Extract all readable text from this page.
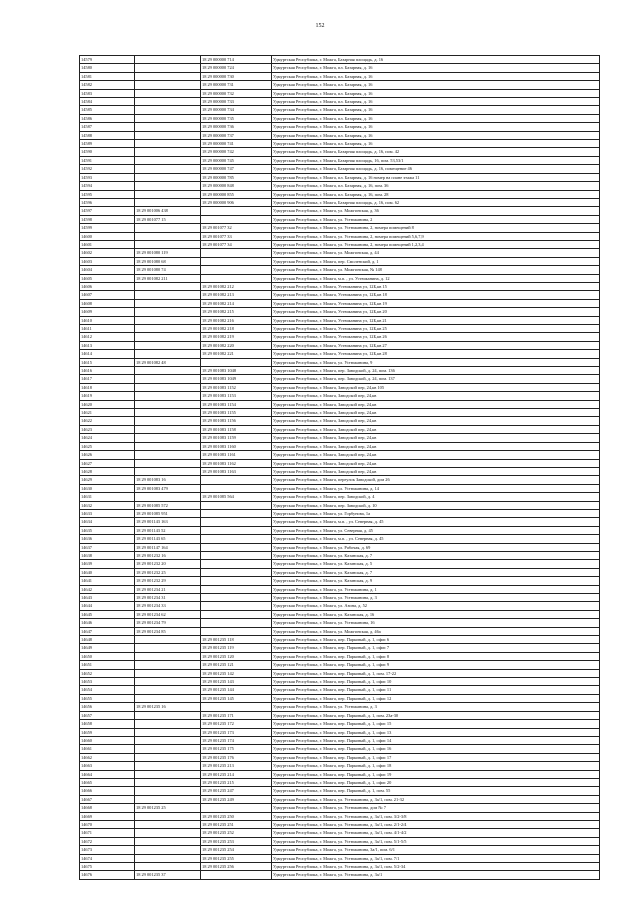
152
14579		18 29 000000 714	Удмуртская Республика, г. Можга, Базарная площадь, д. 16
14580		18 29 000000 724	Удмуртская Республика, г. Можга, пл. Базарная, д. 16
14581		18 29 000000 730	Удмуртская Республика, г. Можга, пл. Базарная, д. 16
14582		18 29 000000 731	Удмуртская Республика, г. Можга, пл. Базарная, д. 16
14583		18 29 000000 732	Удмуртская Республика, г. Можга, пл. Базарная, д. 16
14584		18 29 000000 733	Удмуртская Республика, г. Можга, пл. Базарная, д. 16
14585		18 29 000000 734	Удмуртская Республика, г. Можга, пл. Базарная, д. 16
14586		18 29 000000 735	Удмуртская Республика, г. Можга, пл. Базарная, д. 16
14587		18 29 000000 736	Удмуртская Республика, г. Можга, пл. Базарная, д. 16
14588		18 29 000000 737	Удмуртская Республика, г. Можга, пл. Базарная, д. 16
14589		18 29 000000 741	Удмуртская Республика, г. Можга, пл. Базарная, д. 16
14590		18 29 000000 742	Удмуртская Республика, г. Можга, Базарная площадь, д. 16, пом. 42
14591		18 29 000000 745	Удмуртская Республика, г. Можга, Базарная площадь, 16, пом. 53,53/1
14592		18 29 000000 747	Удмуртская Республика, г. Можга, Базарная площадь, д. 16, помещение 46
14593		18 29 000000 785	Удмуртская Республика, г. Можга, пл. Базарная, д. 16 номер на плане этажа 11
14594		18 29 000000 848	Удмуртская Республика, г. Можга, пл. Базарная, д. 16, пом. 36
14595		18 29 000000 855	Удмуртская Республика, г. Можга, пл. Базарная, д. 16, пом. 28
14596		18 29 000000 906	Удмуртская Республика, г. Можга, Базарная площадь, д. 16, пом. 62
14597	18 29 001006 438		Удмуртская Республика, г. Можга, ул. Можгинская, д. 36
14598	18 29 001077 15		Удмуртская Республика, г. Можга, ул. Устюжанина, 2
14599		18 29 001077 32	Удмуртская Республика, г. Можга, ул. Устюжанина, 2, номера помещений 8
14600		18 29 001077 33	Удмуртская Республика, г. Можга, ул. Устюжанина, 2, номера помещений 5,6,7,9
14601		18 29 001077 34	Удмуртская Республика, г. Можга, ул. Устюжанина, 2, номера помещений 1,2,3,4
14602	18 29 001080 119		Удмуртская Республика, г. Можга, ул. Можгинская, д. 44
14603	18 29 001080 68		Удмуртская Республика, г. Можга, пер. Смоленский, д. 1
14604	18 29 001080 74		Удмуртская Республика, г. Можга, ул. Можгинская, № 148
14605	18 29 001082 211		Удмуртская Республика, г. Можга, м.п. , ул. Устюжанина, д. 12
14606		18 29 001082 212	Удмуртская Республика, г. Можга, Устюжанина ул, 12Б,кв 15
14607		18 29 001082 213	Удмуртская Республика, г. Можга, Устюжанина ул, 12Б,кв 18
14608		18 29 001082 214	Удмуртская Республика, г. Можга, Устюжанина ул, 12Б,кв 19
14609		18 29 001082 215	Удмуртская Республика, г. Можга, Устюжанина ул, 12Б,кв 20
14610		18 29 001082 216	Удмуртская Республика, г. Можга, Устюжанина ул, 12Б,кв 21
14611		18 29 001082 218	Удмуртская Республика, г. Можга, Устюжанина ул, 12Б,кв 25
14612		18 29 001082 219	Удмуртская Республика, г. Можга, Устюжанина ул, 12Б,кв 26
14613		18 29 001082 220	Удмуртская Республика, г. Можга, Устюжанина ул, 12Б,кв 27
14614		18 29 001082 221	Удмуртская Республика, г. Можга, Устюжанина ул, 12Б,кв 28
14615	18 29 001082 48		Удмуртская Республика, г. Можга, ул. Устюжанина, 9
14616		18 29 001083 1048	Удмуртская Республика, г. Можга, пер. Заводской, д. 24, пом. 136
14617		18 29 001083 1049	Удмуртская Республика, г. Можга, пер. Заводской, д. 24, пом. 137
14618		18 29 001083 1152	Удмуртская Республика, г. Можга, Заводской пер, 24,кв 105
14619		18 29 001083 1153	Удмуртская Республика, г. Можга, Заводской пер, 24,кв
14620		18 29 001083 1154	Удмуртская Республика, г. Можга, Заводской пер, 24,кв
14621		18 29 001083 1155	Удмуртская Республика, г. Можга, Заводской пер, 24,кв
14622		18 29 001083 1156	Удмуртская Республика, г. Можга, Заводской пер, 24,кв
14623		18 29 001083 1158	Удмуртская Республика, г. Можга, Заводской пер, 24,кв
14624		18 29 001083 1159	Удмуртская Республика, г. Можга, Заводской пер, 24,кв
14625		18 29 001083 1160	Удмуртская Республика, г. Можга, Заводской пер, 24,кв
14626		18 29 001083 1161	Удмуртская Республика, г. Можга, Заводской пер, 24,кв
14627		18 29 001083 1162	Удмуртская Республика, г. Можга, Заводской пер, 24,кв
14628		18 29 001083 1163	Удмуртская Республика, г. Можга, Заводской пер, 24,кв
14629	18 29 001083 16		Удмуртская Республика, г. Можга, переулок Заводской, дом 26
14630	18 29 001083 479		Удмуртская Республика, г. Можга, ул. Устюжанина, д. 14
14631		18 29 001085 564	Удмуртская Республика, г. Можга, пер. Заводской, д. 4
14632	18 29 001085 572		Удмуртская Республика, г. Можга, пер. Заводской, д. 10
14633	18 29 001085 951		Удмуртская Республика, г. Можга, ул. Горбунова, 1а
14634	18 29 001143 163		Удмуртская Республика, г. Можга, м.п. , ул. Северная, д. 45
14635	18 29 001143 52		Удмуртская Республика, г. Можга, ул. Северная, д. 45
14636	18 29 001143 65		Удмуртская Республика, г. Можга, м.п. , ул. Северная, д. 45
14637	18 29 001147 164		Удмуртская Республика, г. Можга, ул. Рабочая, д. 69
14638	18 29 001232 16		Удмуртская Республика, г. Можга, ул. Казанская, д. 7
14639	18 29 001232 20		Удмуртская Республика, г. Можга, ул. Казанская, д. 5
14640	18 29 001232 25		Удмуртская Республика, г. Можга, ул. Казанская, д. 7
14641	18 29 001232 29		Удмуртская Республика, г. Можга, ул. Казанская, д. 9
14642	18 29 001234 21		Удмуртская Республика, г. Можга, ул. Устюжанина, д. 1
14643	18 29 001234 31		Удмуртская Республика, г. Можга, ул. Устюжанина, д. 3
14644	18 29 001234 33		Удмуртская Республика, г. Можга, ул. Азина, д. 52
14645	18 29 001234 62		Удмуртская Республика, г. Можга, ул. Казанская, д. 16
14646	18 29 001234 79		Удмуртская Республика, г. Можга, ул. Устюжанина, 16
14647	18 29 001234 85		Удмуртская Республика, г. Можга, ул. Можгинская, д. 46а
14648		18 29 001235 118	Удмуртская Республика, г. Можга, пер. Парковый, д. 1, офис 6
14649		18 29 001235 119	Удмуртская Республика, г. Можга, пер. Парковый, д. 1, офис 7
14650		18 29 001235 120	Удмуртская Республика, г. Можга, пер. Парковый, д. 1, офис 8
14651		18 29 001235 121	Удмуртская Республика, г. Можга, пер. Парковый, д. 1, офис 9
14652		18 29 001235 142	Удмуртская Республика, г. Можга, пер. Парковый, д. 1, пом. 17-22
14653		18 29 001235 143	Удмуртская Республика, г. Можга, пер. Парковый, д. 1, офис 10
14654		18 29 001235 144	Удмуртская Республика, г. Можга, пер. Парковый, д. 1, офис 11
14655		18 29 001235 145	Удмуртская Республика, г. Можга, пер. Парковый, д. 1, офис 12
14656	18 29 001235 16		Удмуртская Республика, г. Можга, ул. Устюжанина, д. 3
14657		18 29 001235 171	Удмуртская Республика, г. Можга, пер. Парковый, д. 1, пом. 23а-30
14658		18 29 001235 172	Удмуртская Республика, г. Можга, пер. Парковый, д. 1, офис 15
14659		18 29 001235 173	Удмуртская Республика, г. Можга, пер. Парковый, д. 1, офис 13
14660		18 29 001235 174	Удмуртская Республика, г. Можга, пер. Парковый, д. 1, офис 14
14661		18 29 001235 175	Удмуртская Республика, г. Можга, пер. Парковый, д. 1, офис 16
14662		18 29 001235 176	Удмуртская Республика, г. Можга, пер. Парковый, д. 1, офис 17
14663		18 29 001235 213	Удмуртская Республика, г. Можга, пер. Парковый, д. 1, офис 18
14664		18 29 001235 214	Удмуртская Республика, г. Можга, пер. Парковый, д. 1, офис 19
14665		18 29 001235 215	Удмуртская Республика, г. Можга, пер. Парковый, д. 1, офис 20
14666		18 29 001235 247	Удмуртская Республика, г. Можга, пер. Парковый, д. 1, пом. 55
14667		18 29 001235 249	Удмуртская Республика, г. Можга, ул. Устюжанина, д. 3а/1, пом. 21-32
14668	18 29 001235 25		Удмуртская Республика, г. Можга, ул. Устюжанина, дом № 7
14669		18 29 001235 250	Удмуртская Республика, г. Можга, ул. Устюжанина, д. 3а/1, пом. 3/2-3/8
14670		18 29 001235 251	Удмуртская Республика, г. Можга, ул. Устюжанина, д. 3а/1, пом. 2/1-2/4
14671		18 29 001235 252	Удмуртская Республика, г. Можга, ул. Устюжанина, д. 3а/1, пом. 4/1-4/2
14672		18 29 001235 253	Удмуртская Республика, г. Можга, ул. Устюжанина, д. 3а/1, пом. 5/1-5/5
14673		18 29 001235 254	Удмуртская Республика, г. Можга, ул. Устюжанина, 3а/1, пом. 6/1
14674		18 29 001235 255	Удмуртская Республика, г. Можга, ул. Устюжанина, д. 3а/1, пом. 7/1
14675		18 29 001235 256	Удмуртская Республика, г. Можга, ул. Устюжанина, д. 3а/1, пом. 5/2-34
14676	18 29 001235 37		Удмуртская Республика, г. Можга, ул. Устюжанина, д. 3а/1
